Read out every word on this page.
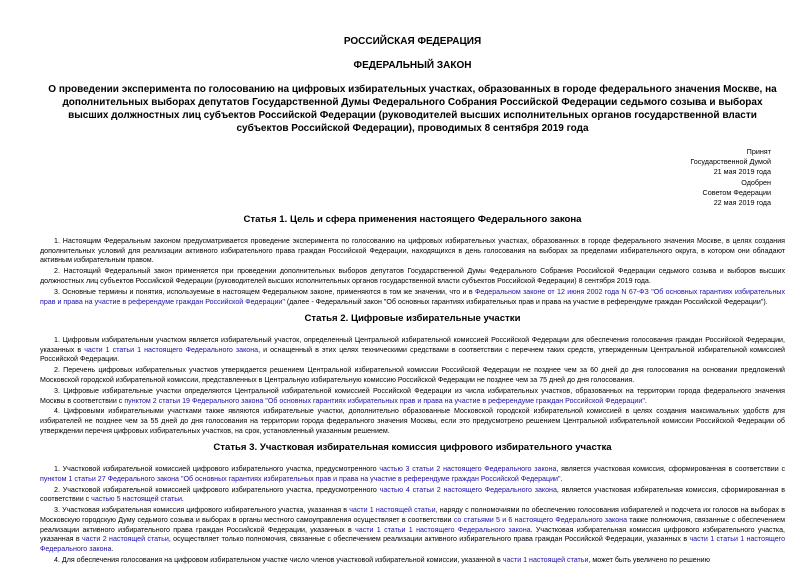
РОССИЙСКАЯ ФЕДЕРАЦИЯ

ФЕДЕРАЛЬНЫЙ ЗАКОН

О проведении эксперимента по голосованию на цифровых избирательных участках, образованных в городе федерального значения Москве, на дополнительных выборах депутатов Государственной Думы Федерального Собрания Российской Федерации седьмого созыва и выборах высших должностных лиц субъектов Российской Федерации (руководителей высших исполнительных органов государственной власти субъектов Российской Федерации), проводимых 8 сентября 2019 года

Принят
Государственной Думой
21 мая 2019 года
Одобрен
Советом Федерации
22 мая 2019 года
Статья 1. Цель и сфера применения настоящего Федерального закона

1. Настоящим Федеральным законом предусматривается проведение эксперимента по голосованию на цифровых избирательных участках, образованных в городе федерального значения Москве, в целях создания дополнительных условий для реализации активного избирательного права граждан Российской Федерации, находящихся в день голосования на выборах за пределами избирательного округа, в котором они обладают активным избирательным правом.

2. Настоящий Федеральный закон применяется при проведении дополнительных выборов депутатов Государственной Думы Федерального Собрания Российской Федерации седьмого созыва и выборов высших должностных лиц субъектов Российской Федерации (руководителей высших исполнительных органов государственной власти субъектов Российской Федерации) 8 сентября 2019 года.

3. Основные термины и понятия, используемые в настоящем Федеральном законе, применяются в том же значении, что и в Федеральном законе от 12 июня 2002 года N 67-ФЗ "Об основных гарантиях избирательных прав и права на участие в референдуме граждан Российской Федерации" (далее - Федеральный закон "Об основных гарантиях избирательных прав и права на участие в референдуме граждан Российской Федерации").

Статья 2. Цифровые избирательные участки

1. Цифровым избирательным участком является избирательный участок, определенный Центральной избирательной комиссией Российской Федерации для обеспечения голосования граждан Российской Федерации, указанных в части 1 статьи 1 настоящего Федерального закона, и оснащенный в этих целях техническими средствами в соответствии с перечнем таких средств, утвержденным Центральной избирательной комиссией Российской Федерации.

2. Перечень цифровых избирательных участков утверждается решением Центральной избирательной комиссии Российской Федерации не позднее чем за 60 дней до дня голосования на основании предложений Московской городской избирательной комиссии, представленных в Центральную избирательную комиссию Российской Федерации не позднее чем за 75 дней до дня голосования.

3. Цифровые избирательные участки определяются Центральной избирательной комиссией Российской Федерации из числа избирательных участков, образованных на территории города федерального значения Москвы в соответствии с пунктом 2 статьи 19 Федерального закона "Об основных гарантиях избирательных прав и права на участие в референдуме граждан Российской Федерации".

4. Цифровыми избирательными участками также являются избирательные участки, дополнительно образованные Московской городской избирательной комиссией в целях создания максимальных удобств для избирателей не позднее чем за 55 дней до дня голосования на территории города федерального значения Москвы, если это предусмотрено решением Центральной избирательной комиссии Российской Федерации об утверждении перечня цифровых избирательных участков, на срок, установленный указанным решением.

Статья 3. Участковая избирательная комиссия цифрового избирательного участка

1. Участковой избирательной комиссией цифрового избирательного участка, предусмотренного частью 3 статьи 2 настоящего Федерального закона, является участковая комиссия, сформированная в соответствии с пунктом 1 статьи 27 Федерального закона "Об основных гарантиях избирательных прав и права на участие в референдуме граждан Российской Федерации".

2. Участковой избирательной комиссией цифрового избирательного участка, предусмотренного частью 4 статьи 2 настоящего Федерального закона, является участковая избирательная комиссия, сформированная в соответствии с частью 5 настоящей статьи.

3. Участковая избирательная комиссия цифрового избирательного участка, указанная в части 1 настоящей статьи, наряду с полномочиями по обеспечению голосования избирателей и подсчета их голосов на выборах в Московскую городскую Думу седьмого созыва и выборах в органы местного самоуправления осуществляет в соответствии со статьями 5 и 6 настоящего Федерального закона также полномочия, связанные с обеспечением реализации активного избирательного права граждан Российской Федерации, указанных в части 1 статьи 1 настоящего Федерального закона. Участковая избирательная комиссия цифрового избирательного участка, указанная в части 2 настоящей статьи, осуществляет только полномочия, связанные с обеспечением реализации активного избирательного права граждан Российской Федерации, указанных в части 1 статьи 1 настоящего Федерального закона.

4. Для обеспечения голосования на цифровом избирательном участке число членов участковой избирательной комиссии, указанной в части 1 настоящей статьи, может быть увеличено по решению
